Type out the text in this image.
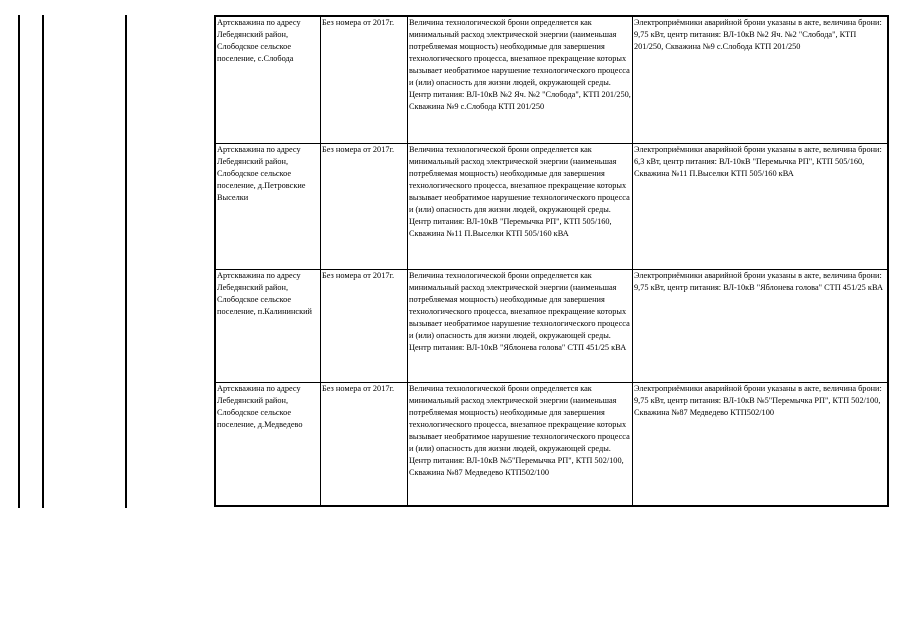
Артскважина по адресу Лебедянский район, Слободское сельское поселение, с.Слобода	Без номера от 2017г.	Величина технологической брони определяется как минимальный расход электрической энергии (наименьшая потребляемая мощность) необходимые для завершения технологического процесса, внезапное прекращение которых вызывает необратимое нарушение технологического процесса и (или) опасность для жизни людей, окружающей среды. Центр питания: ВЛ-10кВ №2 Яч. №2 "Слобода", КТП 201/250, Скважина №9 с.Слобода КТП 201/250	Электроприёмники аварийной брони указаны в акте, величина брони: 9,75 кВт, центр питания: ВЛ-10кВ №2 Яч. №2 "Слобода", КТП 201/250, Скважина №9 с.Слобода КТП 201/250
Артскважина по адресу Лебедянский район, Слободское сельское поселение, д.Петровские Выселки	Без номера от 2017г.	Величина технологической брони определяется как минимальный расход электрической энергии (наименьшая потребляемая мощность) необходимые для завершения технологического процесса, внезапное прекращение которых вызывает необратимое нарушение технологического процесса и (или) опасность для жизни людей, окружающей среды. Центр питания: ВЛ-10кВ "Перемычка РП", КТП 505/160, Скважина №11 П.Выселки КТП 505/160 кВА	Электроприёмники аварийной брони указаны в акте, величина брони: 6,3 кВт, центр питания: ВЛ-10кВ "Перемычка РП", КТП 505/160, Скважина №11 П.Выселки КТП 505/160 кВА
Артскважина по адресу Лебедянский район, Слободское сельское поселение, п.Калининский	Без номера от 2017г.	Величина технологической брони определяется как минимальный расход электрической энергии (наименьшая потребляемая мощность) необходимые для завершения технологического процесса, внезапное прекращение которых вызывает необратимое нарушение технологического процесса и (или) опасность для жизни людей, окружающей среды. Центр питания: ВЛ-10кВ "Яблонева голова" СТП 451/25 кВА	Электроприёмники аварийной брони указаны в акте, величина брони: 9,75 кВт, центр питания: ВЛ-10кВ "Яблонева голова" СТП 451/25 кВА
Артскважина по адресу Лебедянский район, Слободское сельское поселение, д.Медведево	Без номера от 2017г.	Величина технологической брони определяется как минимальный расход электрической энергии (наименьшая потребляемая мощность) необходимые для завершения технологического процесса, внезапное прекращение которых вызывает необратимое нарушение технологического процесса и (или) опасность для жизни людей, окружающей среды. Центр питания: ВЛ-10кВ №5"Перемычка РП", КТП 502/100, Скважина №87 Медведево КТП502/100	Электроприёмники аварийной брони указаны в акте, величина брони: 9,75 кВт, центр питания: ВЛ-10кВ №5"Перемычка РП", КТП 502/100, Скважина №87 Медведево КТП502/100
